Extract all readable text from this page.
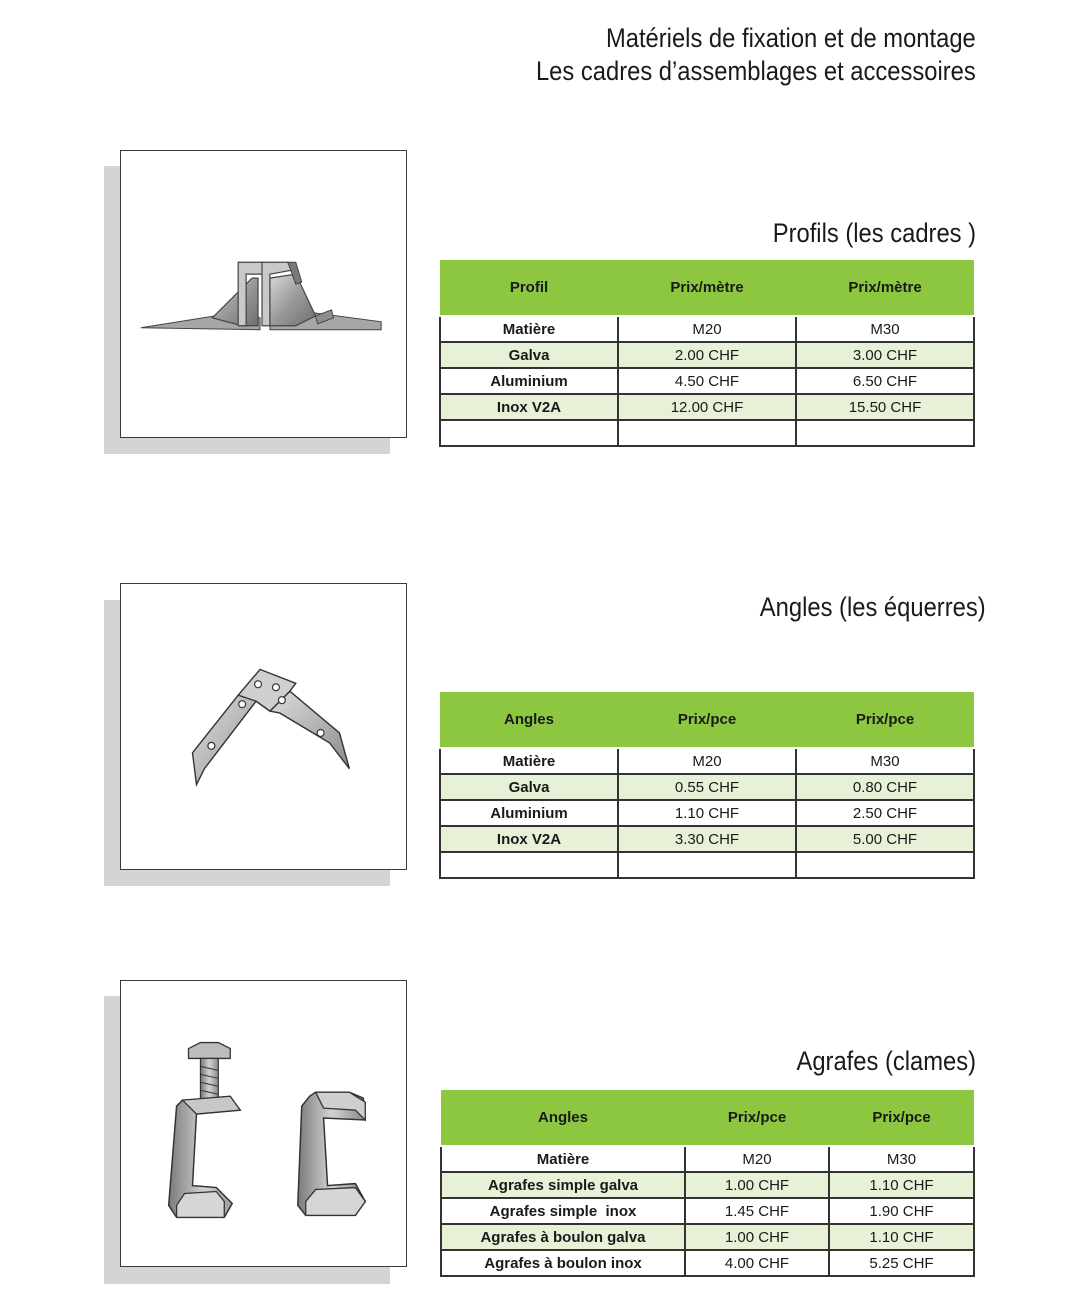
Matériels de fixation et de montage
Les cadres d’assemblages et accessoires
Profils (les cadres )
Profil	Prix/mètre	Prix/mètre
Matière	M20	M30
Galva	2.00 CHF	3.00 CHF
Aluminium	4.50 CHF	6.50 CHF
Inox V2A	12.00 CHF	15.50 CHF

Angles (les équerres)
Angles	Prix/pce	Prix/pce
Matière	M20	M30
Galva	0.55 CHF	0.80 CHF
Aluminium	1.10 CHF	2.50 CHF
Inox V2A	3.30 CHF	5.00 CHF

Agrafes (clames)
Angles	Prix/pce	Prix/pce
Matière	M20	M30
Agrafes simple galva	1.00 CHF	1.10 CHF
Agrafes simple  inox	1.45 CHF	1.90 CHF
Agrafes à boulon galva	1.00 CHF	1.10 CHF
Agrafes à boulon inox	4.00 CHF	5.25 CHF
